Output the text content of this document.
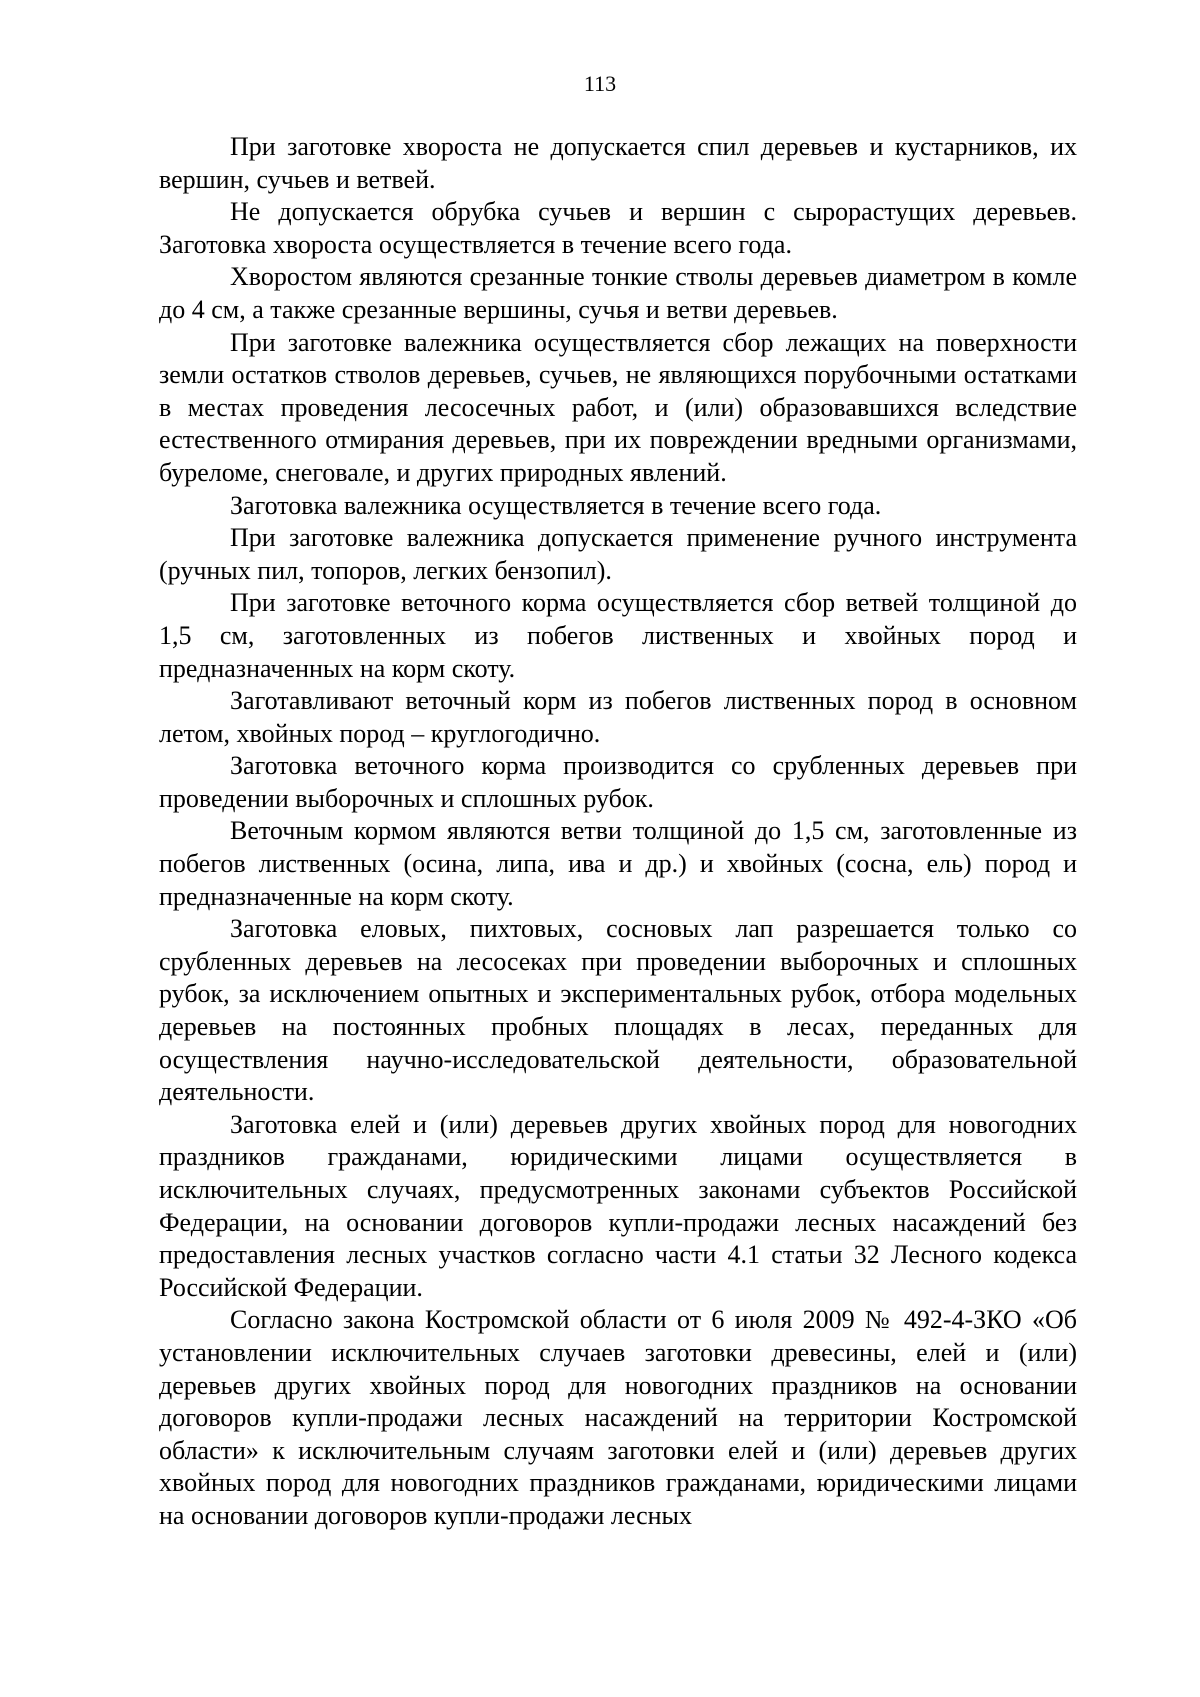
113

При заготовке хвороста не допускается спил деревьев и кустарников, их вершин, сучьев и ветвей.

Не допускается обрубка сучьев и вершин с сырорастущих деревьев. Заготовка хвороста осуществляется в течение всего года.

Хворостом являются срезанные тонкие стволы деревьев диаметром в комле до 4 см, а также срезанные вершины, сучья и ветви деревьев.

При заготовке валежника осуществляется сбор лежащих на поверхности земли остатков стволов деревьев, сучьев, не являющихся порубочными остатками в местах проведения лесосечных работ, и (или) образовавшихся вследствие естественного отмирания деревьев, при их повреждении вредными организмами, буреломе, снеговале, и других природных явлений.

Заготовка валежника осуществляется в течение всего года.

При заготовке валежника допускается применение ручного инструмента (ручных пил, топоров, легких бензопил).

При заготовке веточного корма осуществляется сбор ветвей толщиной до 1,5 см, заготовленных из побегов лиственных и хвойных пород и предназначенных на корм скоту.

Заготавливают веточный корм из побегов лиственных пород в основном летом, хвойных пород – круглогодично.

Заготовка веточного корма производится со срубленных деревьев при проведении выборочных и сплошных рубок.

Веточным кормом являются ветви толщиной до 1,5 см, заготовленные из побегов лиственных (осина, липа, ива и др.) и хвойных (сосна, ель) пород и предназначенные на корм скоту.

Заготовка еловых, пихтовых, сосновых лап разрешается только со срубленных деревьев на лесосеках при проведении выборочных и сплошных рубок, за исключением опытных и экспериментальных рубок, отбора модельных деревьев на постоянных пробных площадях в лесах, переданных для осуществления научно-исследовательской деятельности, образовательной деятельности.

Заготовка елей и (или) деревьев других хвойных пород для новогодних праздников гражданами, юридическими лицами осуществляется в исключительных случаях, предусмотренных законами субъектов Российской Федерации, на основании договоров купли-продажи лесных насаждений без предоставления лесных участков согласно части 4.1 статьи 32 Лесного кодекса Российской Федерации.

Согласно закона Костромской области от 6 июля 2009 № 492-4-ЗКО «Об установлении исключительных случаев заготовки древесины, елей и (или) деревьев других хвойных пород для новогодних праздников на основании договоров купли-продажи лесных насаждений на территории Костромской области» к исключительным случаям заготовки елей и (или) деревьев других хвойных пород для новогодних праздников гражданами, юридическими лицами на основании договоров купли-продажи лесных
